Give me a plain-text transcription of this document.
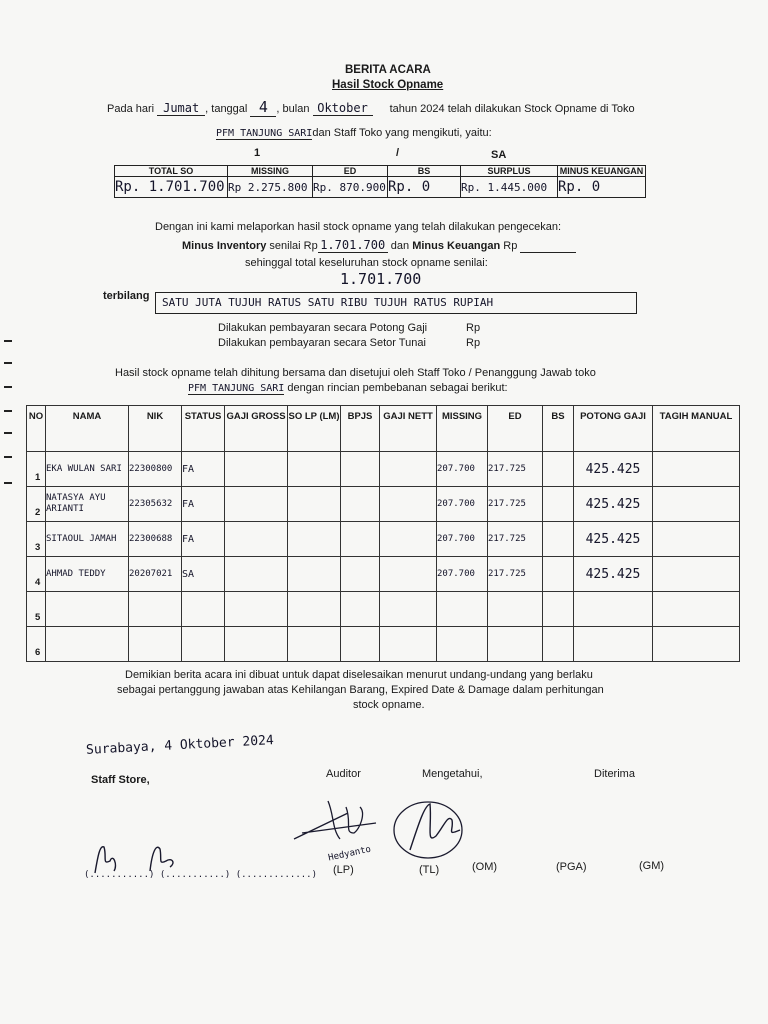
BERITA ACARA
Hasil Stock Opname
Pada hari Jumat , tanggal 4 , bulan Oktober tahun 2024 telah dilakukan Stock Opname di Toko
PFM TANJUNG SARIdan Staff Toko yang mengikuti, yaitu:
1	/	SA
TOTAL SO	MISSING	ED	BS	SURPLUS	MINUS KEUANGAN
Rp. 1.701.700	Rp 2.275.800	Rp. 870.900	Rp. 0	Rp. 1.445.000	Rp. 0
Dengan ini kami melaporkan hasil stock opname yang telah dilakukan pengecekan:
Minus Inventory senilai Rp 1.701.700 dan Minus Keuangan Rp
sehinggal total keseluruhan stock opname senilai:
1.701.700
terbilang	SATU JUTA TUJUH RATUS SATU RIBU TUJUH RATUS RUPIAH
Dilakukan pembayaran secara Potong Gaji	Rp
Dilakukan pembayaran secara Setor Tunai	Rp
Hasil stock opname telah dihitung bersama dan disetujui oleh Staff Toko / Penanggung Jawab toko
PFM TANJUNG SARI dengan rincian pembebanan sebagai berikut:
NO	NAMA	NIK	STATUS	GAJI GROSS	SO LP (LM)	BPJS	GAJI NETT	MISSING	ED	BS	POTONG GAJI	TAGIH MANUAL
1	EKA WULAN SARI	22300800	FA					207.700	217.725		425.425	
2	NATASYA AYU ARIANTI	22305632	FA					207.700	217.725		425.425	
3	SITAOUL JAMAH	22300688	FA					207.700	217.725		425.425	
4	AHMAD TEDDY	20207021	SA					207.700	217.725		425.425	
5												
6												
Demikian berita acara ini dibuat untuk dapat diselesaikan menurut undang-undang yang berlaku
sebagai pertanggung jawaban atas Kehilangan Barang, Expired Date & Damage dalam perhitungan
stock opname.
Surabaya, 4 Oktober 2024
Staff Store,	Auditor	Mengetahui,	Diterima
Hedyanto
(...........) (...........) (.............) (LP)	(TL)	(OM)	(PGA)	(GM)
